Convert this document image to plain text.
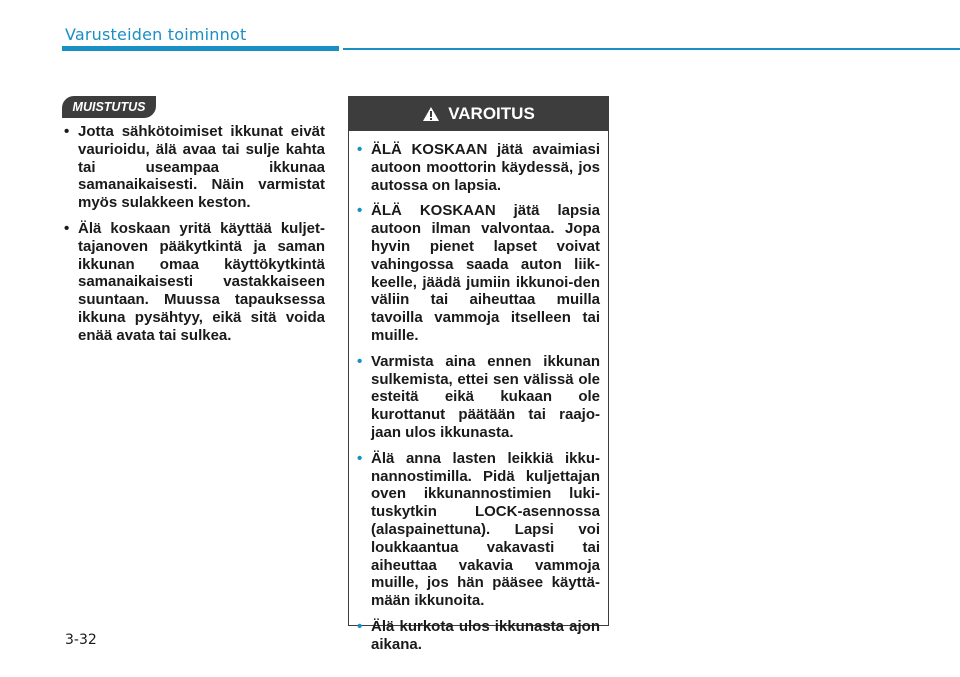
Varusteiden toiminnot
MUISTUTUS
• Jotta sähkötoimiset ikkunat eivät vaurioidu, älä avaa tai sulje kahta tai useampaa ikkunaa samanaikaisesti. Näin varmistat myös sulakkeen keston.
• Älä koskaan yritä käyttää kuljet-tajanoven pääkytkintä ja saman ikkunan omaa käyttökytkintä samanaikaisesti vastakkaiseen suuntaan. Muussa tapauksessa ikkuna pysähtyy, eikä sitä voida enää avata tai sulkea.
VAROITUS
• ÄLÄ KOSKAAN jätä avaimiasi autoon moottorin käydessä, jos autossa on lapsia.
• ÄLÄ KOSKAAN jätä lapsia autoon ilman valvontaa. Jopa hyvin pienet lapset voivat vahingossa saada auton liik-keelle, jäädä jumiin ikkunoi-den väliin tai aiheuttaa muilla tavoilla vammoja itselleen tai muille.
• Varmista aina ennen ikkunan sulkemista, ettei sen välissä ole esteitä eikä kukaan ole kurottanut päätään tai raajo-jaan ulos ikkunasta.
• Älä anna lasten leikkiä ikku-nannostimilla. Pidä kuljettajan oven ikkunannostimien luki-tuskytkin LOCK-asennossa (alaspainettuna). Lapsi voi loukkaantua vakavasti tai aiheuttaa vakavia vammoja muille, jos hän pääsee käyttä-mään ikkunoita.
• Älä kurkota ulos ikkunasta ajon aikana.
3-32
